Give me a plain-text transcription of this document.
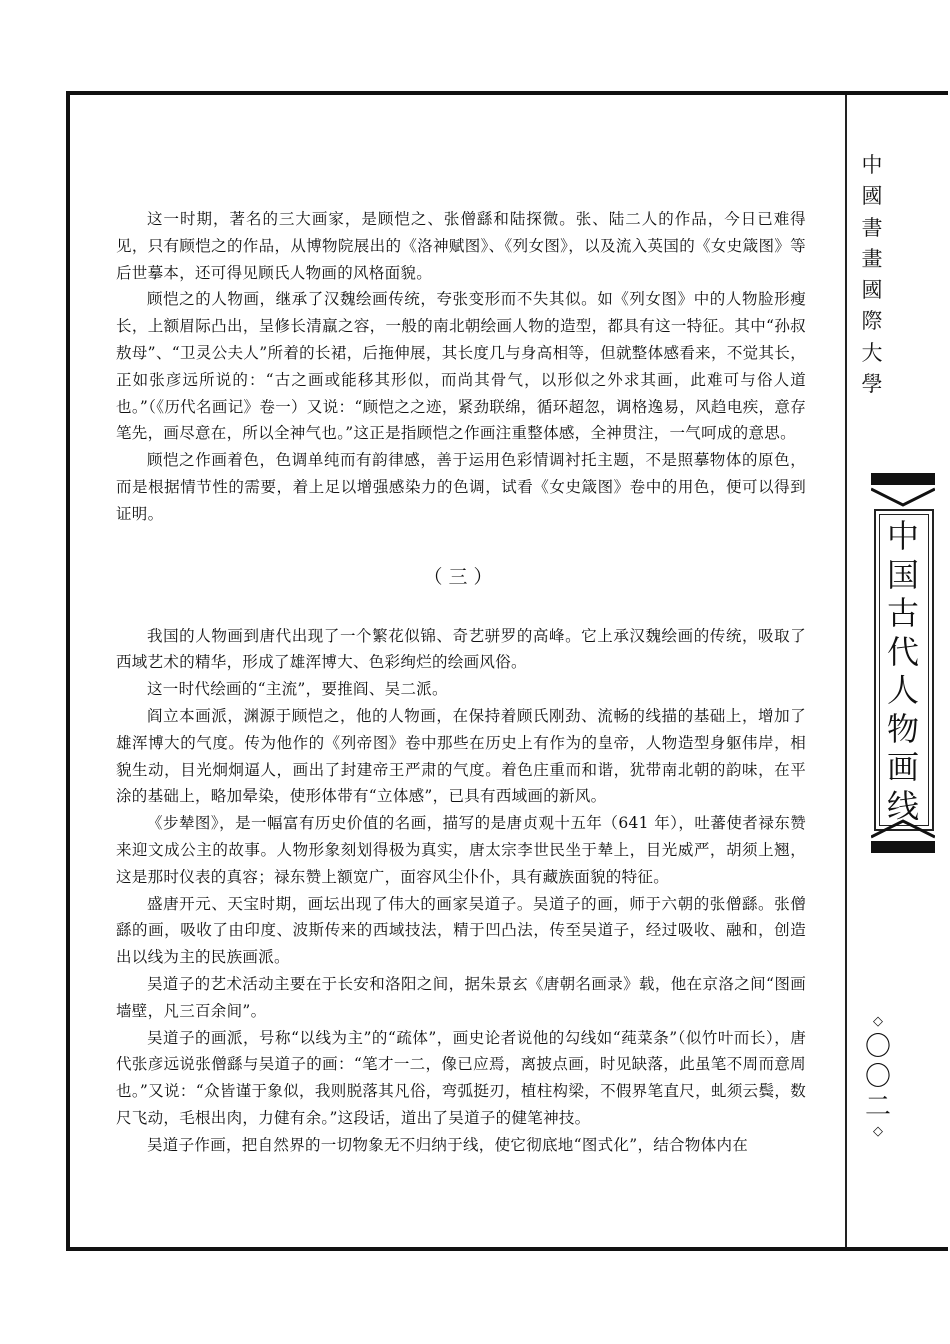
这一时期，著名的三大画家，是顾恺之、张僧繇和陆探微。张、陆二人的作品，今日已难得见，只有顾恺之的作品，从博物院展出的《洛神赋图》、《列女图》，以及流入英国的《女史箴图》等后世摹本，还可得见顾氏人物画的风格面貌。

顾恺之的人物画，继承了汉魏绘画传统，夸张变形而不失其似。如《列女图》中的人物脸形瘦长，上额眉际凸出，呈修长清羸之容，一般的南北朝绘画人物的造型，都具有这一特征。其中“孙叔敖母”、“卫灵公夫人”所着的长裙，后拖伸展，其长度几与身高相等，但就整体感看来，不觉其长，正如张彦远所说的：“古之画或能移其形似，而尚其骨气，以形似之外求其画，此难可与俗人道也。”（《历代名画记》卷一）又说：“顾恺之之迹，紧劲联绵，循环超忽，调格逸易，风趋电疾，意存笔先，画尽意在，所以全神气也。”这正是指顾恺之作画注重整体感，全神贯注，一气呵成的意思。

顾恺之作画着色，色调单纯而有韵律感，善于运用色彩情调衬托主题，不是照摹物体的原色，而是根据情节性的需要，着上足以增强感染力的色调，试看《女史箴图》卷中的用色，便可以得到证明。

（三）

我国的人物画到唐代出现了一个繁花似锦、奇艺骈罗的高峰。它上承汉魏绘画的传统，吸取了西域艺术的精华，形成了雄浑博大、色彩绚烂的绘画风俗。

这一时代绘画的“主流”，要推阎、吴二派。

阎立本画派，渊源于顾恺之，他的人物画，在保持着顾氏刚劲、流畅的线描的基础上，增加了雄浑博大的气度。传为他作的《列帝图》卷中那些在历史上有作为的皇帝，人物造型身躯伟岸，相貌生动，目光炯炯逼人，画出了封建帝王严肃的气度。着色庄重而和谐，犹带南北朝的韵味，在平涂的基础上，略加晕染，使形体带有“立体感”，已具有西域画的新风。

《步辇图》，是一幅富有历史价值的名画，描写的是唐贞观十五年（641 年），吐蕃使者禄东赞来迎文成公主的故事。人物形象刻划得极为真实，唐太宗李世民坐于辇上，目光威严，胡须上翘，这是那时仪表的真容；禄东赞上额宽广，面容风尘仆仆，具有藏族面貌的特征。

盛唐开元、天宝时期，画坛出现了伟大的画家吴道子。吴道子的画，师于六朝的张僧繇。张僧繇的画，吸收了由印度、波斯传来的西域技法，精于凹凸法，传至吴道子，经过吸收、融和，创造出以线为主的民族画派。

吴道子的艺术活动主要在于长安和洛阳之间，据朱景玄《唐朝名画录》载，他在京洛之间“图画墙壁，凡三百余间”。

吴道子的画派，号称“以线为主”的“疏体”，画史论者说他的勾线如“莼菜条”（似竹叶而长），唐代张彦远说张僧繇与吴道子的画：“笔才一二，像已应焉，离披点画，时见缺落，此虽笔不周而意周也。”又说：“众皆谨于象似，我则脱落其凡俗，弯弧挺刃，植柱构梁，不假界笔直尺，虬须云鬓，数尺飞动，毛根出肉，力健有余。”这段话，道出了吴道子的健笔神技。

吴道子作画，把自然界的一切物象无不归纳于线，使它彻底地“图式化”，结合物体内在

中
國
書
畫
國
際
大
學
中
国
古
代
人
物
画
线
◇
〇
〇
二
◇
